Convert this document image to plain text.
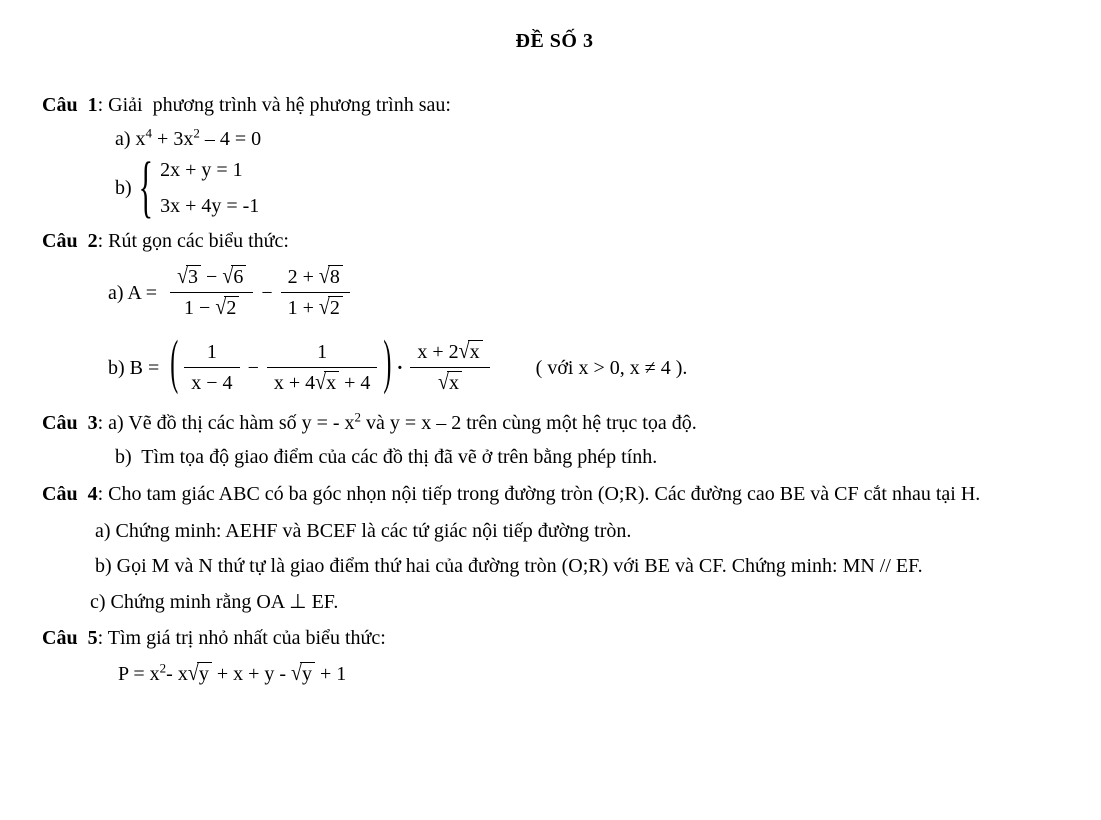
ĐỀ SỐ 3

Câu  1: Giải  phương trình và hệ phương trình sau:

a) $x^4 + 3x^2 - 4 = 0$

b) { 2x + y = 1
3x + 4y = -1

Câu  2: Rút gọn các biểu thức:

a) $A = \frac{√3 - √6}{1 - √2} - \frac{2 + √8}{1 + √2}$
b) B = ( $\frac{1}{x - 4} - \frac{1}{x + 4√x + 4}$ ) . $\frac{x + 2√x}{√x}$ ( với x > 0, x ≠ 4 ).

Câu  3: a) Vẽ đồ thị các hàm số y = - $x^2$ và y = x – 2 trên cùng một hệ trục tọa độ.

b)  Tìm tọa độ giao điểm của các đồ thị đã vẽ ở trên bằng phép tính.

Câu  4: Cho tam giác ABC có ba góc nhọn nội tiếp trong đường tròn (O;R). Các đường cao BE và CF cắt nhau tại H.

a) Chứng minh: AEHF và BCEF là các tứ giác nội tiếp đường tròn.

b) Gọi M và N thứ tự là giao điểm thứ hai của đường tròn (O;R) với BE và CF. Chứng minh: MN // EF.

c) Chứng minh rằng OA ⊥ EF.

Câu  5: Tìm giá trị nhỏ nhất của biểu thức:

$P = x^2-$ x√y + x + y - √y + 1
